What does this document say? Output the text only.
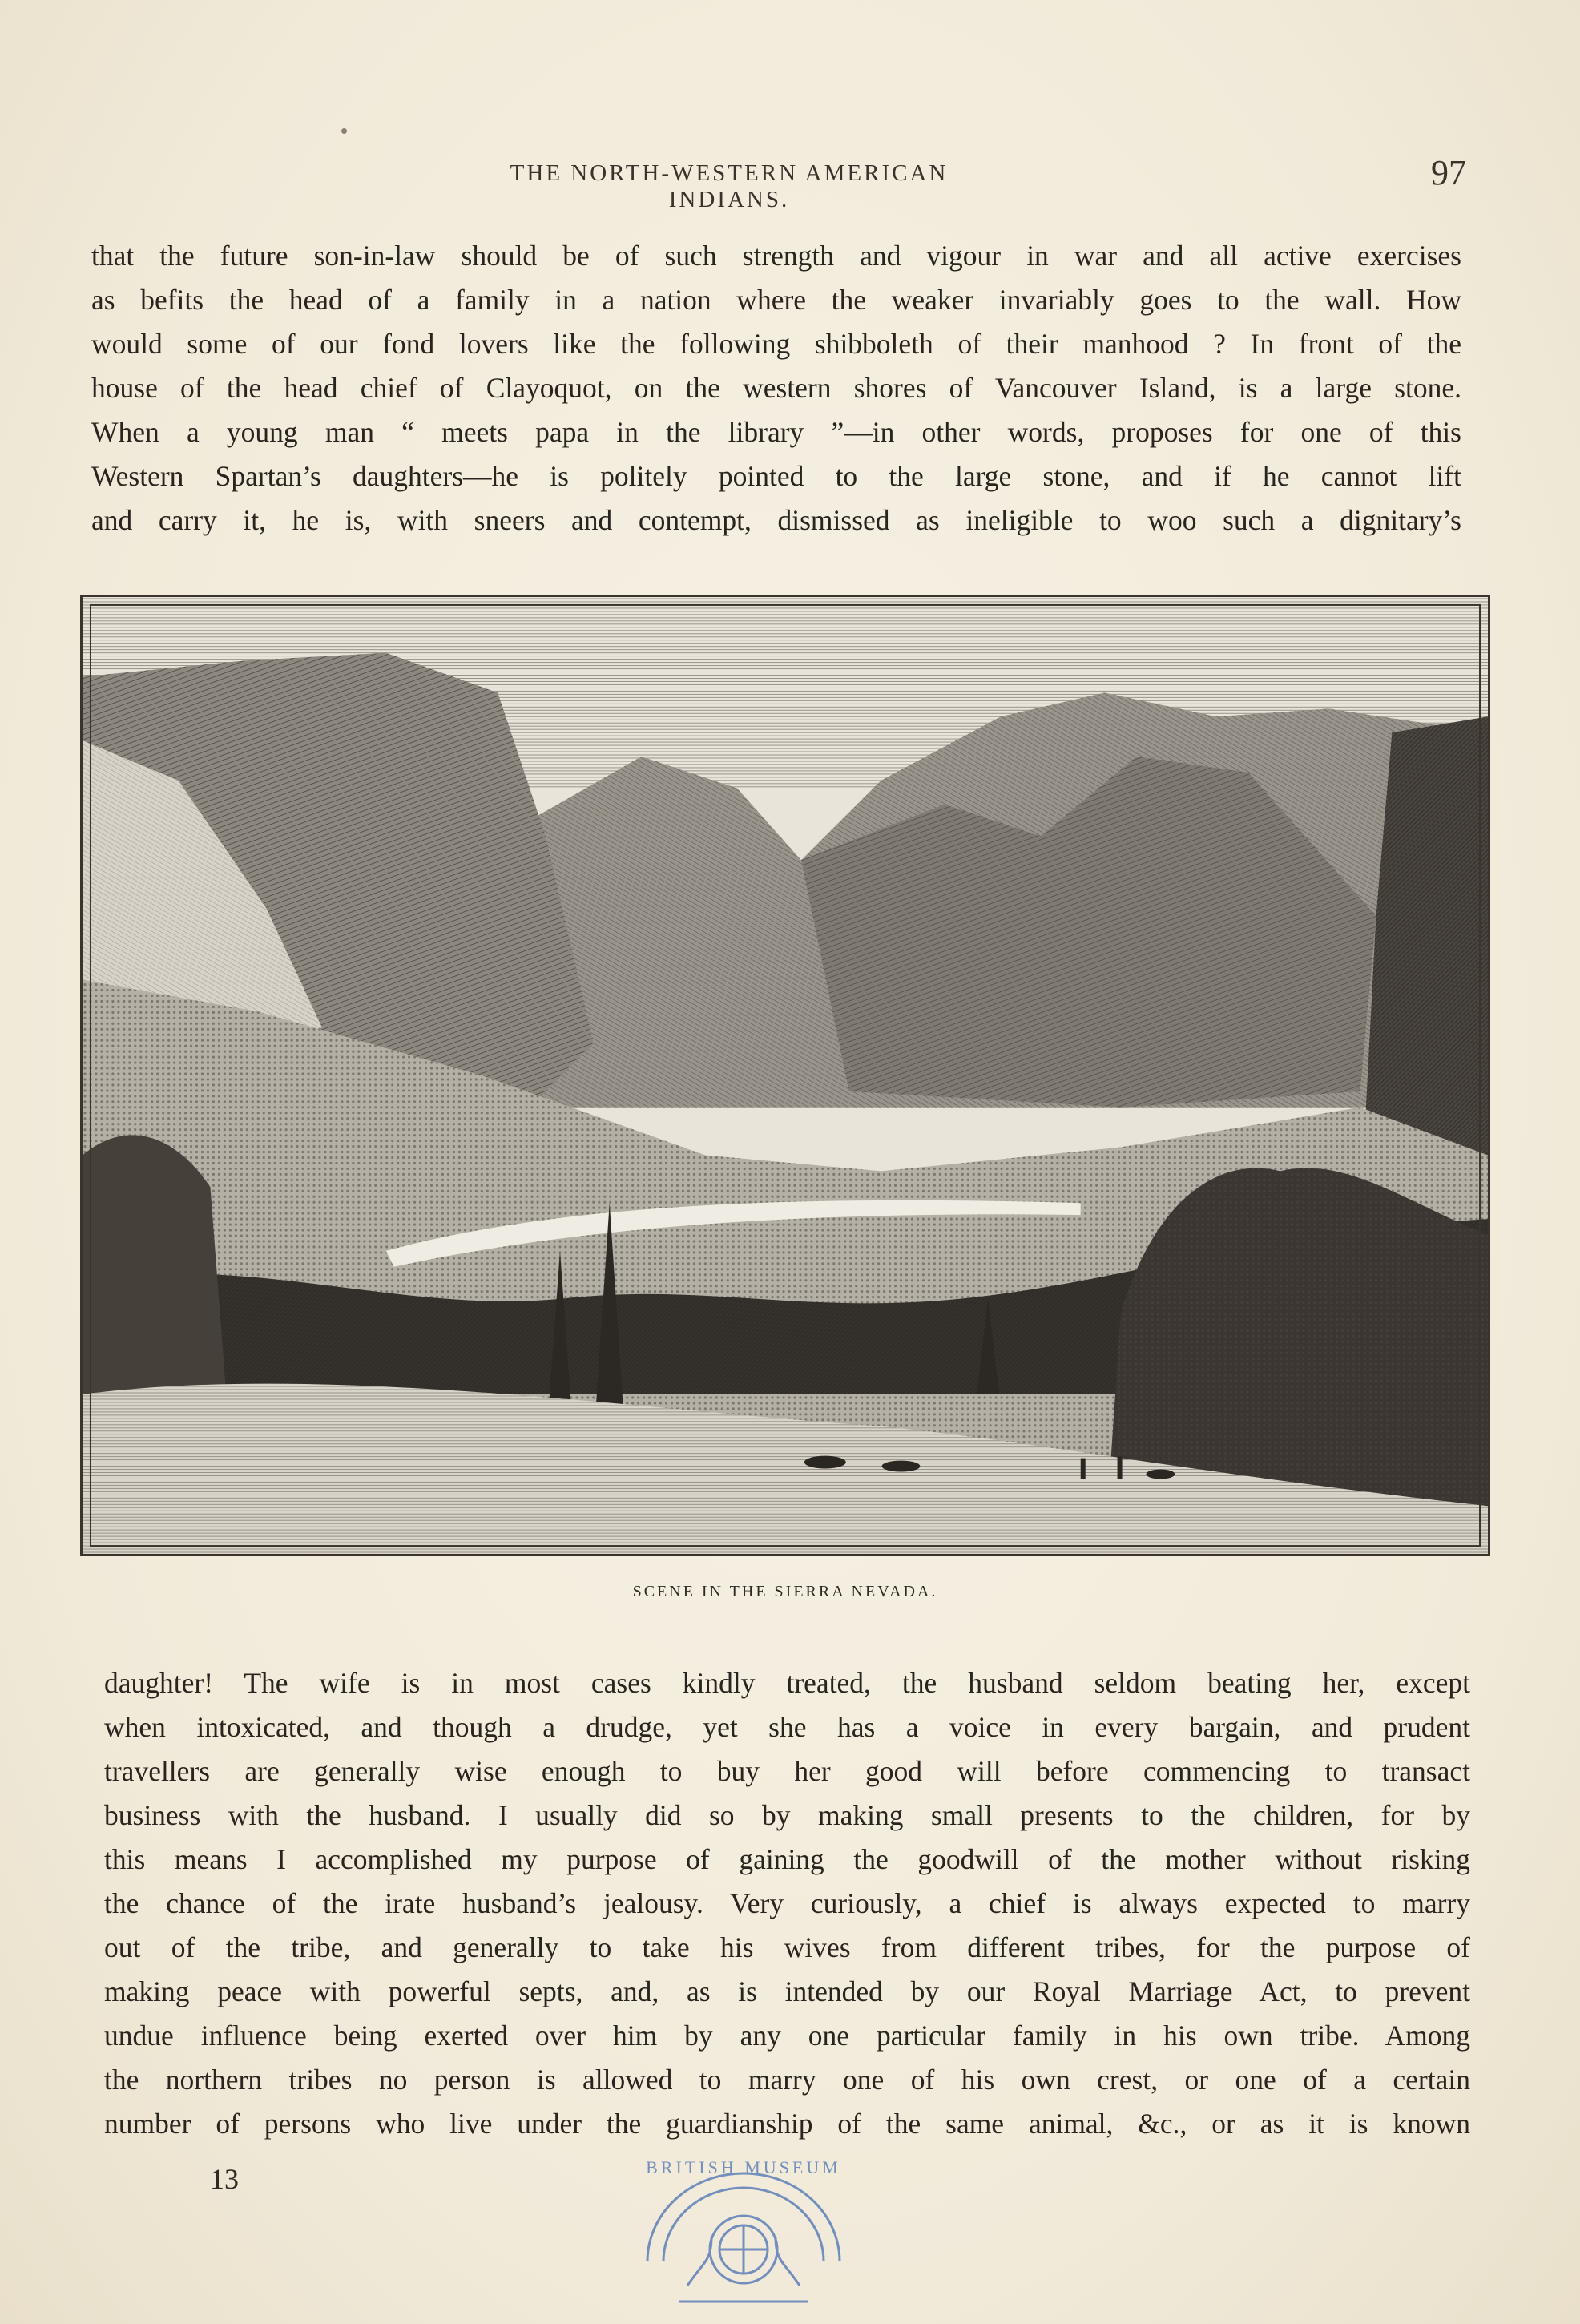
THE NORTH-WESTERN AMERICAN INDIANS.
97
that the future son-in-law should be of such strength and vigour in war and all active exercises
as befits the head of a family in a nation where the weaker invariably goes to the wall. How
would some of our fond lovers like the following shibboleth of their manhood ? In front of the
house of the head chief of Clayoquot, on the western shores of Vancouver Island, is a large stone.
When a young man “ meets papa in the library ”—in other words, proposes for one of this
Western Spartan’s daughters—he is politely pointed to the large stone, and if he cannot lift
and carry it, he is, with sneers and contempt, dismissed as ineligible to woo such a dignitary’s
SCENE IN THE SIERRA NEVADA.
daughter! The wife is in most cases kindly treated, the husband seldom beating her, except
when intoxicated, and though a drudge, yet she has a voice in every bargain, and prudent
travellers are generally wise enough to buy her good will before commencing to transact
business with the husband. I usually did so by making small presents to the children, for by
this means I accomplished my purpose of gaining the goodwill of the mother without risking
the chance of the irate husband’s jealousy. Very curiously, a chief is always expected to marry
out of the tribe, and generally to take his wives from different tribes, for the purpose of
making peace with powerful septs, and, as is intended by our Royal Marriage Act, to prevent
undue influence being exerted over him by any one particular family in his own tribe. Among
the northern tribes no person is allowed to marry one of his own crest, or one of a certain
number of persons who live under the guardianship of the same animal, &c., or as it is known
13	BRITISH MUSEUM
